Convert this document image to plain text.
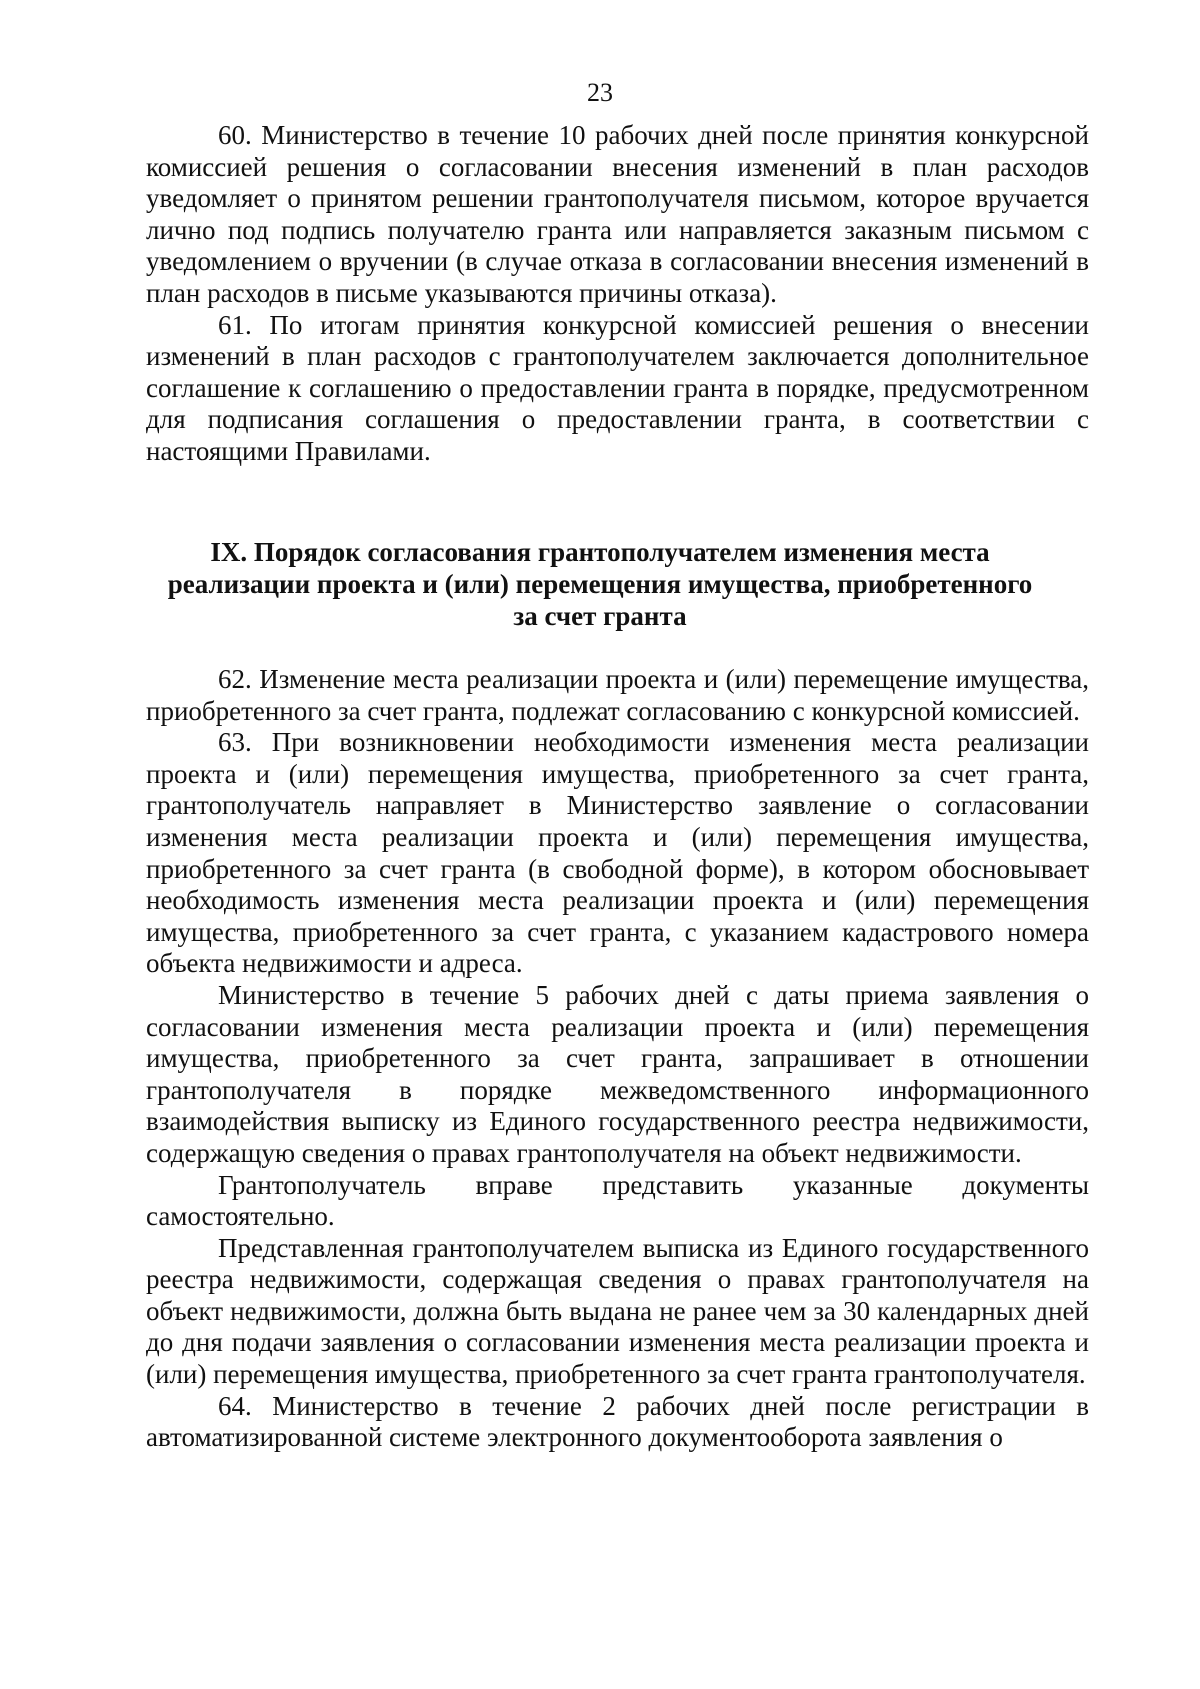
23

60. Министерство в течение 10 рабочих дней после принятия конкурсной комиссией решения о согласовании внесения изменений в план расходов уведомляет о принятом решении грантополучателя письмом, которое вручается лично под подпись получателю гранта или направляется заказным письмом с уведомлением о вручении (в случае отказа в согласовании внесения изменений в план расходов в письме указываются причины отказа).

61. По итогам принятия конкурсной комиссией решения о внесении изменений в план расходов с грантополучателем заключается дополнительное соглашение к соглашению о предоставлении гранта в порядке, предусмотренном для подписания соглашения о предоставлении гранта, в соответствии с настоящими Правилами.

IX. Порядок согласования грантополучателем изменения места
реализации проекта и (или) перемещения имущества, приобретенного
за счет гранта

62. Изменение места реализации проекта и (или) перемещение имущества, приобретенного за счет гранта, подлежат согласованию с конкурсной комиссией.

63. При возникновении необходимости изменения места реализации проекта и (или) перемещения имущества, приобретенного за счет гранта, грантополучатель направляет в Министерство заявление о согласовании изменения места реализации проекта и (или) перемещения имущества, приобретенного за счет гранта (в свободной форме), в котором обосновывает необходимость изменения места реализации проекта и (или) перемещения имущества, приобретенного за счет гранта, с указанием кадастрового номера объекта недвижимости и адреса.

Министерство в течение 5 рабочих дней с даты приема заявления о согласовании изменения места реализации проекта и (или) перемещения имущества, приобретенного за счет гранта, запрашивает в отношении грантополучателя в порядке межведомственного информационного взаимодействия выписку из Единого государственного реестра недвижимости, содержащую сведения о правах грантополучателя на объект недвижимости.

Грантополучатель вправе представить указанные документы самостоятельно.

Представленная грантополучателем выписка из Единого государственного реестра недвижимости, содержащая сведения о правах грантополучателя на объект недвижимости, должна быть выдана не ранее чем за 30 календарных дней до дня подачи заявления о согласовании изменения места реализации проекта и (или) перемещения имущества, приобретенного за счет гранта грантополучателя.

64. Министерство в течение 2 рабочих дней после регистрации в автоматизированной системе электронного документооборота заявления о
